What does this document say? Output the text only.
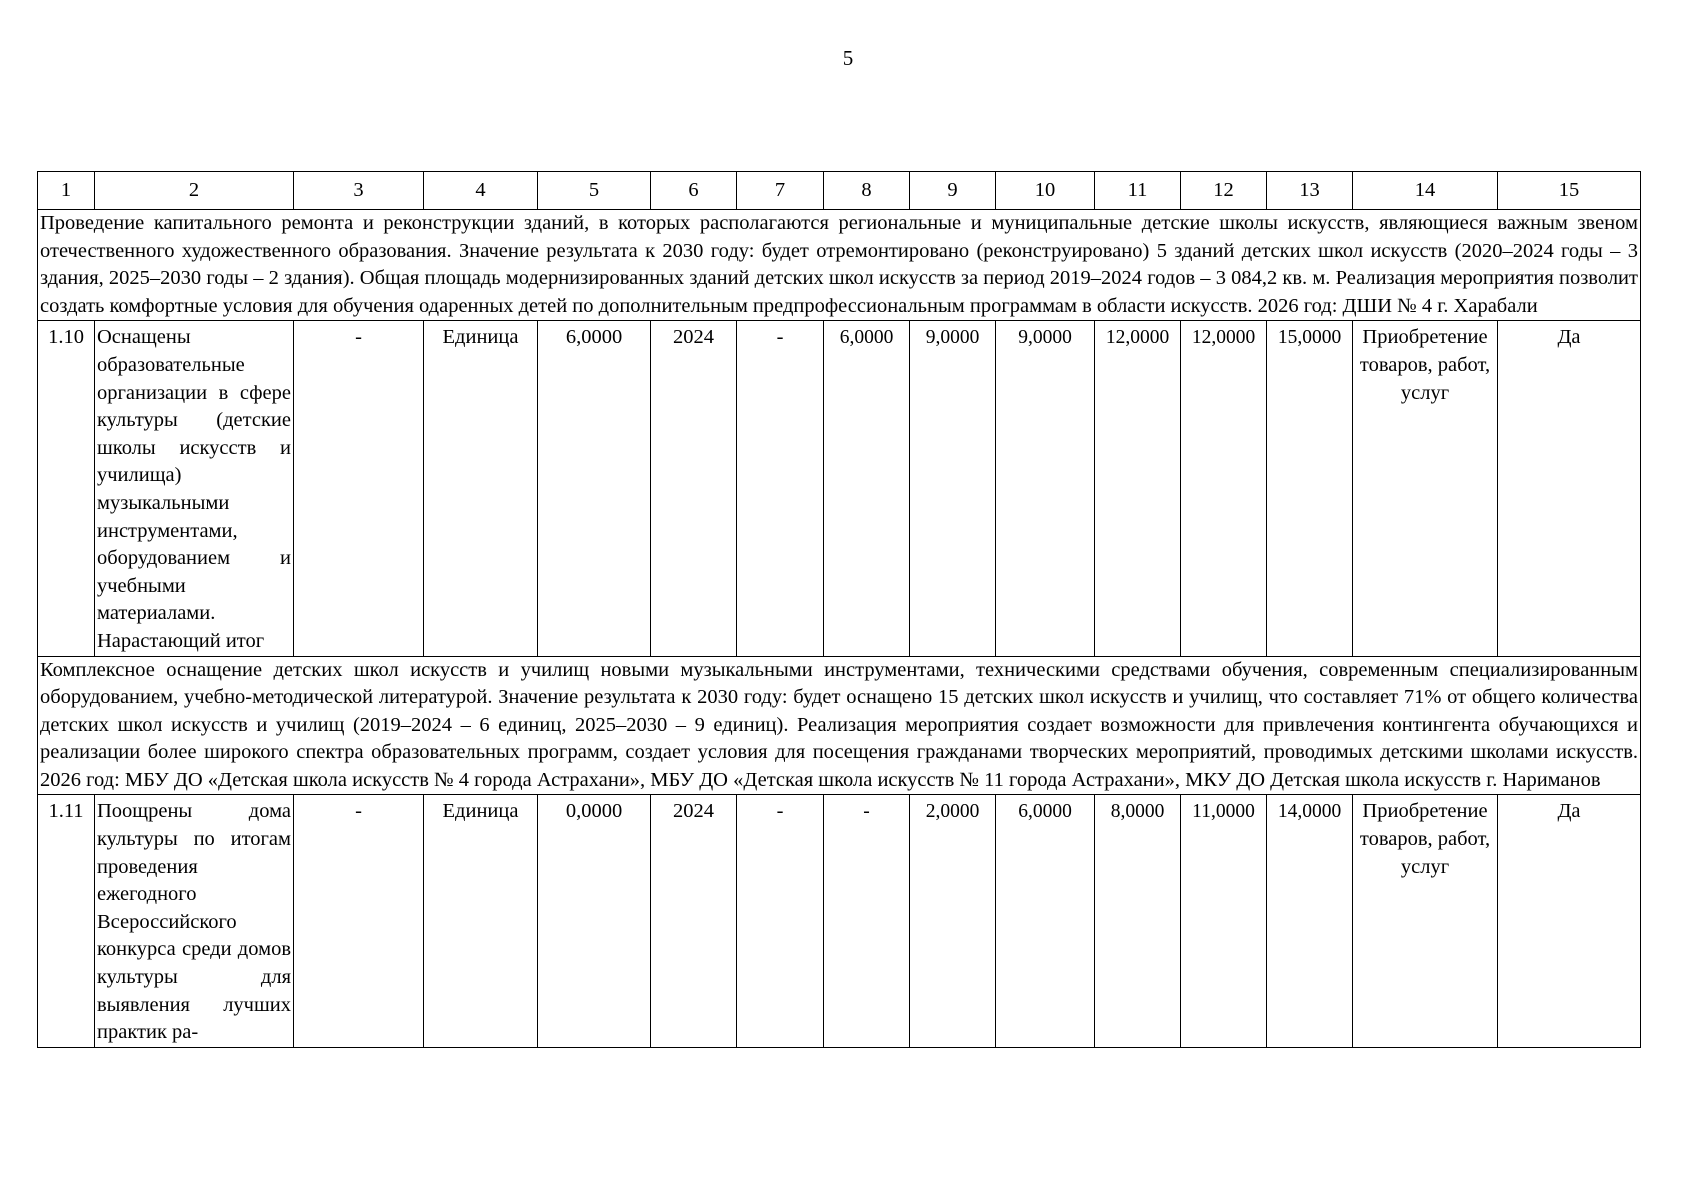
5
1	2	3	4	5	6	7	8	9	10	11	12	13	14	15
Проведение капитального ремонта и реконструкции зданий, в которых располагаются региональные и муниципальные детские школы искусств, являющиеся важным звеном отечественного художественного образования. Значение результата к 2030 году: будет отремонтировано (реконструировано) 5 зданий детских школ искусств (2020–2024 годы – 3 здания, 2025–2030 годы – 2 здания). Общая площадь модернизированных зданий детских школ искусств за период 2019–2024 годов – 3 084,2 кв. м. Реализация мероприятия позволит создать комфортные условия для обучения одаренных детей по дополнительным предпрофессиональным программам в области искусств. 2026 год: ДШИ № 4 г. Харабали														
1.10	Оснащены образовательные организации в сфере культуры (детские школы искусств и училища) музыкальными инструментами, оборудованием и учебными материалами. Нарастающий итог	-	Единица	6,0000	2024	-	6,0000	9,0000	9,0000	12,0000	12,0000	15,0000	Приобретение товаров, работ, услуг	Да
Комплексное оснащение детских школ искусств и училищ новыми музыкальными инструментами, техническими средствами обучения, современным специализированным оборудованием, учебно-методической литературой. Значение результата к 2030 году: будет оснащено 15 детских школ искусств и училищ, что составляет 71% от общего количества детских школ искусств и училищ (2019–2024 – 6 единиц, 2025–2030 – 9 единиц). Реализация мероприятия создает возможности для привлечения контингента обучающихся и реализации более широкого спектра образовательных программ, создает условия для посещения гражданами творческих мероприятий, проводимых детскими школами искусств. 2026 год: МБУ ДО «Детская школа искусств № 4 города Астрахани», МБУ ДО «Детская школа искусств № 11 города Астрахани», МКУ ДО Детская школа искусств г. Нариманов														
1.11	Поощрены дома культуры по итогам проведения ежегодного Всероссийского конкурса среди домов культуры для выявления лучших практик ра-	-	Единица	0,0000	2024	-	-	2,0000	6,0000	8,0000	11,0000	14,0000	Приобретение товаров, работ, услуг	Да
